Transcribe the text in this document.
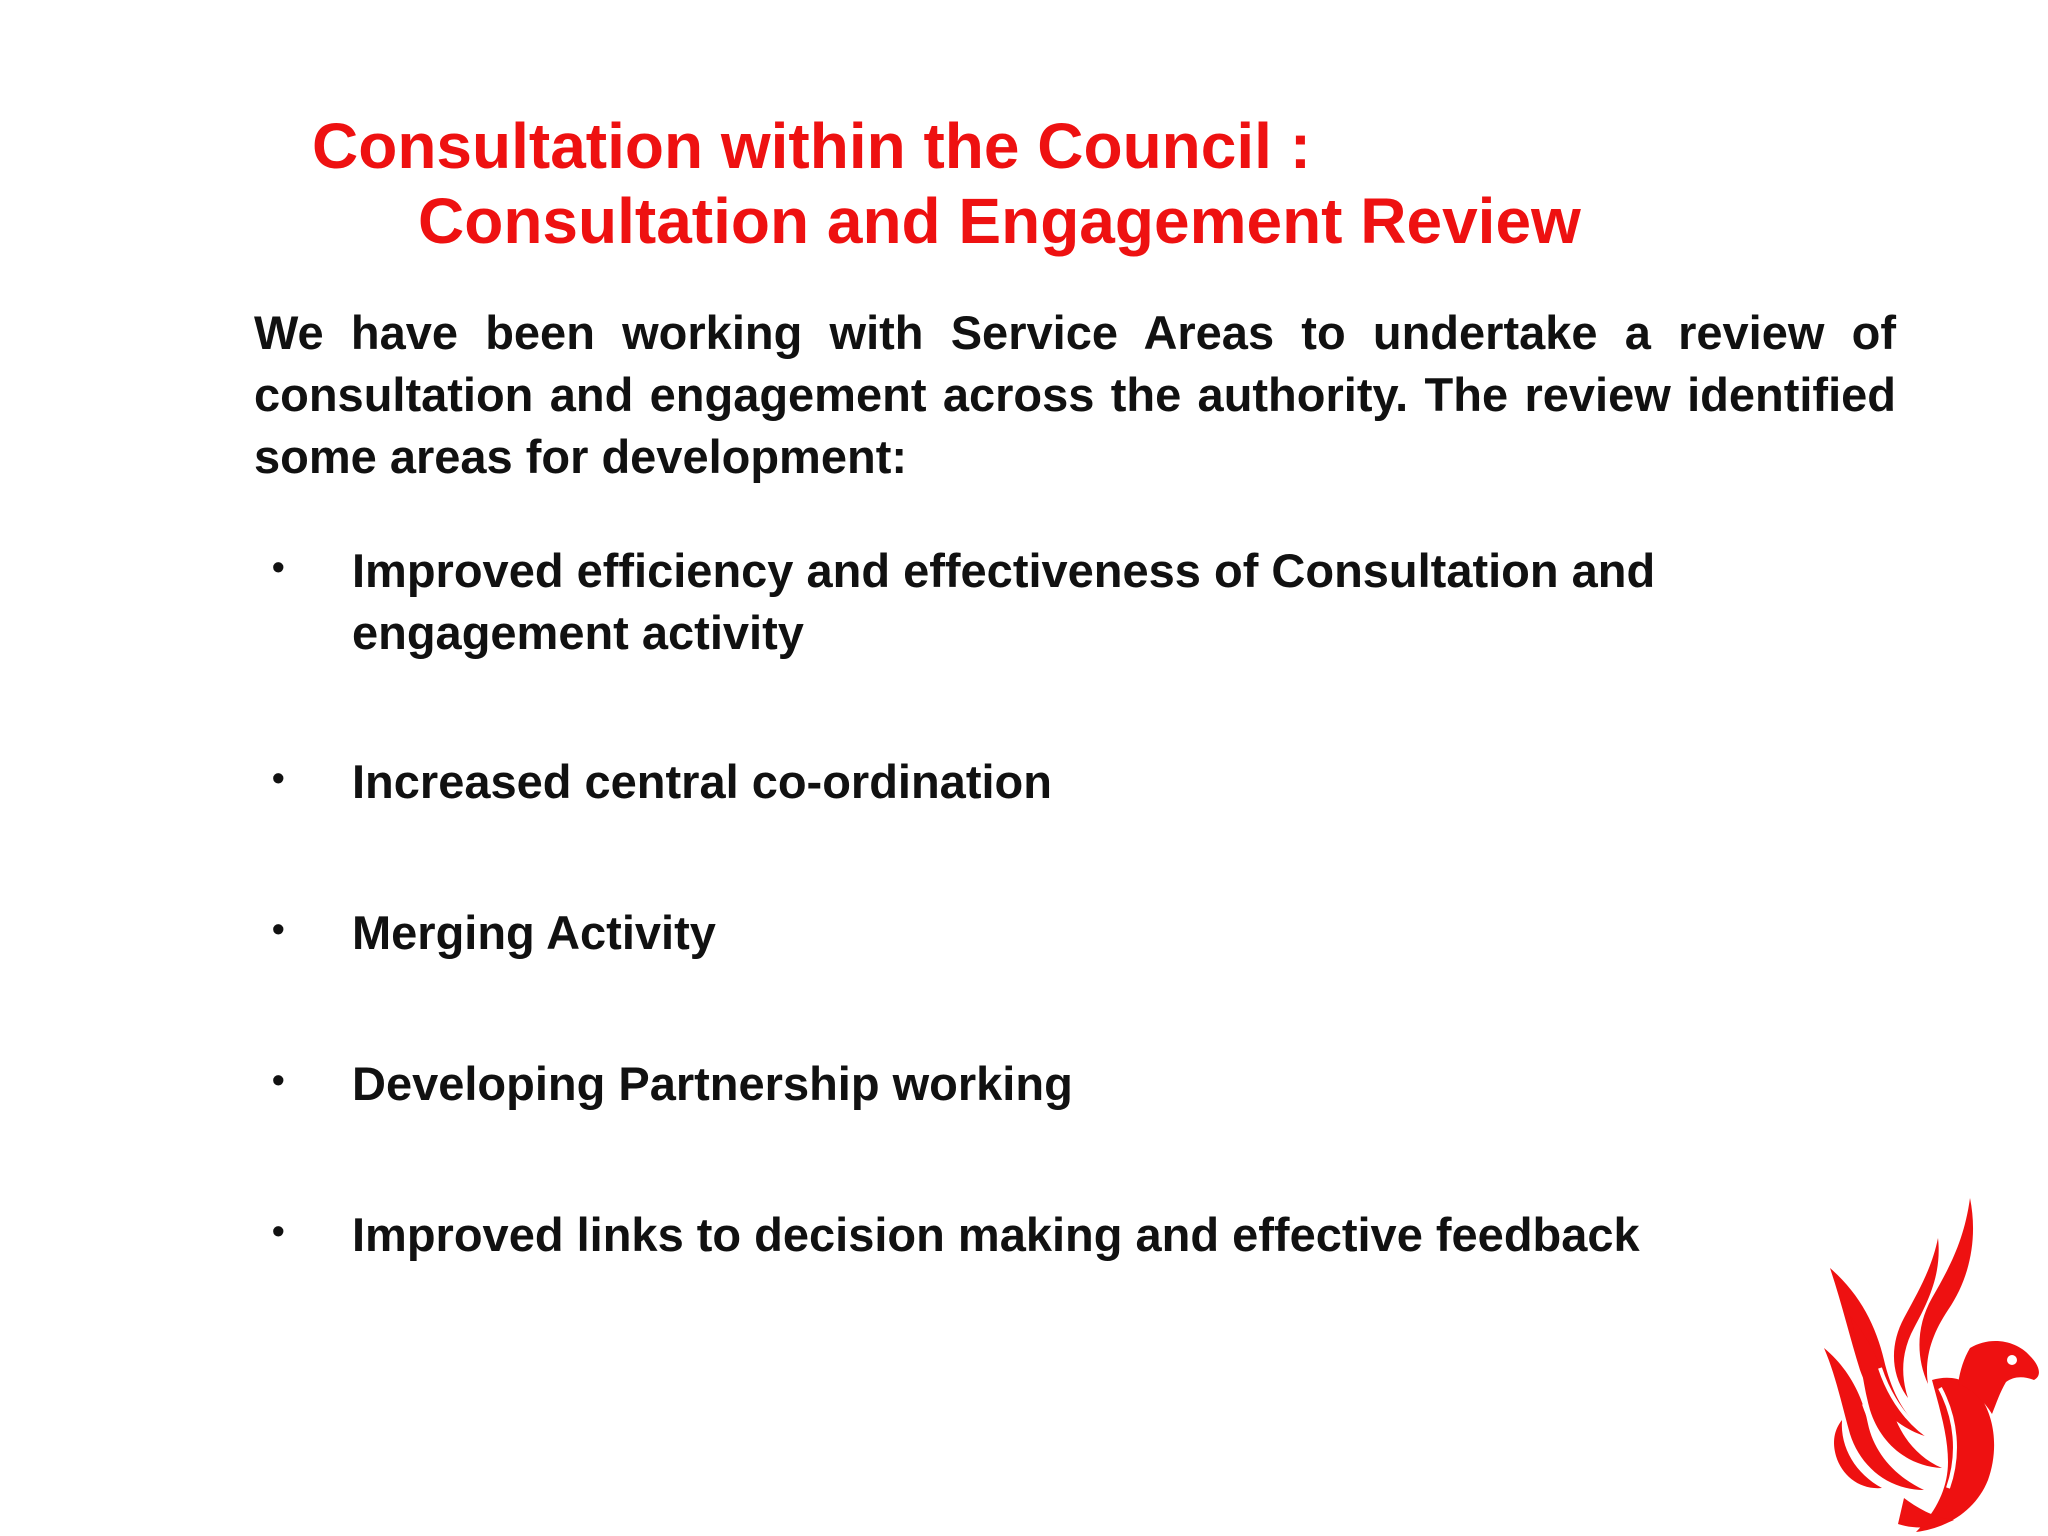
Consultation within the Council :
Consultation and Engagement Review
We have been working with Service Areas to undertake a review of consultation and engagement across the authority. The review identified some areas for development:
• Improved efficiency and effectiveness of Consultation and engagement activity
• Increased central co-ordination
• Merging Activity
• Developing Partnership working
• Improved links to decision making and effective feedback
